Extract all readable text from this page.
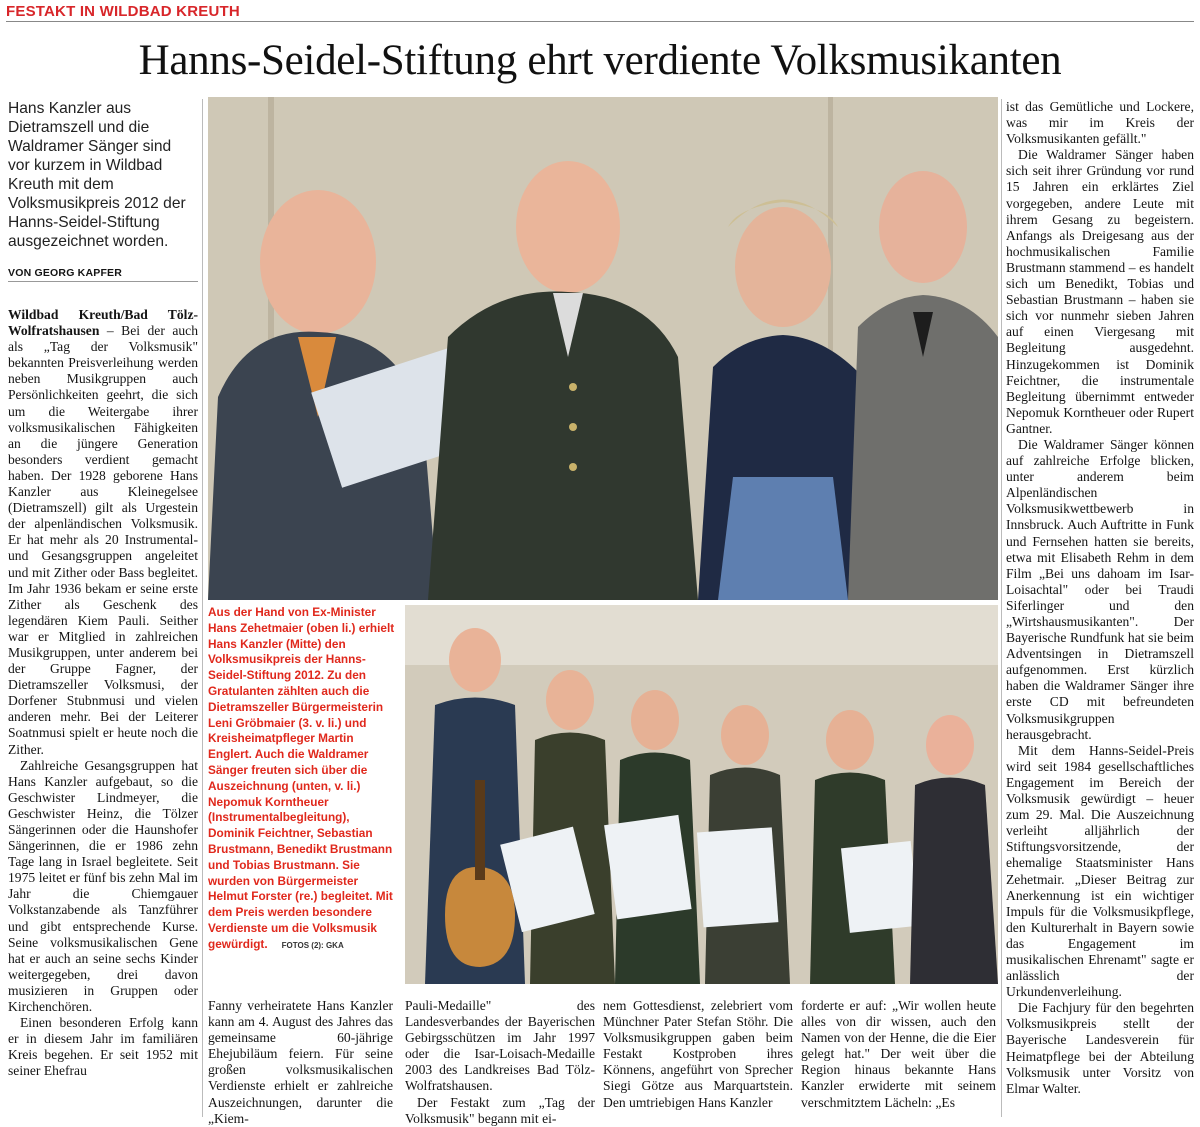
FESTAKT IN WILDBAD KREUTH
Hanns-Seidel-Stiftung ehrt verdiente Volksmusikanten
Hans Kanzler aus Dietramszell und die Waldramer Sänger sind vor kurzem in Wildbad Kreuth mit dem Volksmusikpreis 2012 der Hanns-Seidel-Stiftung ausgezeichnet worden.
VON GEORG KAPFER

Wildbad Kreuth/Bad Tölz-Wolfratshausen – Bei der auch als „Tag der Volksmusik" bekannten Preisverleihung werden neben Musikgruppen auch Persönlichkeiten geehrt, die sich um die Weitergabe ihrer volksmusikalischen Fähigkeiten an die jüngere Generation besonders verdient gemacht haben. Der 1928 geborene Hans Kanzler aus Kleinegelsee (Dietramszell) gilt als Urgestein der alpenländischen Volksmusik. Er hat mehr als 20 Instrumental- und Gesangsgruppen angeleitet und mit Zither oder Bass begleitet. Im Jahr 1936 bekam er seine erste Zither als Geschenk des legendären Kiem Pauli. Seither war er Mitglied in zahlreichen Musikgruppen, unter anderem bei der Gruppe Fagner, der Dietramszeller Volksmusi, der Dorfener Stubnmusi und vielen anderen mehr. Bei der Leiterer Soatnmusi spielt er heute noch die Zither.

Zahlreiche Gesangsgruppen hat Hans Kanzler aufgebaut, so die Geschwister Lindmeyer, die Geschwister Heinz, die Tölzer Sängerinnen oder die Haunshofer Sängerinnen, die er 1986 zehn Tage lang in Israel begleitete. Seit 1975 leitet er fünf bis zehn Mal im Jahr die Chiemgauer Volkstanzabende als Tanzführer und gibt entsprechende Kurse. Seine volksmusikalischen Gene hat er auch an seine sechs Kinder weitergegeben, drei davon musizieren in Gruppen oder Kirchenchören.

Einen besonderen Erfolg kann er in diesem Jahr im familiären Kreis begehen. Er seit 1952 mit seiner Ehefrau

Aus der Hand von Ex-Minister Hans Zehetmaier (oben li.) erhielt Hans Kanzler (Mitte) den Volksmusikpreis der Hanns-Seidel-Stiftung 2012. Zu den Gratulanten zählten auch die Dietramszeller Bürgermeisterin Leni Gröbmaier (3. v. li.) und Kreisheimatpfleger Martin Englert. Auch die Waldramer Sänger freuten sich über die Auszeichnung (unten, v. li.) Nepomuk Korntheuer (Instrumentalbegleitung), Dominik Feichtner, Sebastian Brustmann, Benedikt Brustmann und Tobias Brustmann. Sie wurden von Bürgermeister Helmut Forster (re.) begleitet. Mit dem Preis werden besondere Verdienste um die Volksmusik gewürdigt. FOTOS (2): GKA

Fanny verheiratete Hans Kanzler kann am 4. August des Jahres das gemeinsame 60-jährige Ehejubiläum feiern. Für seine großen volksmusikalischen Verdienste erhielt er zahlreiche Auszeichnungen, darunter die „Kiem-

Pauli-Medaille" des Landesverbandes der Bayerischen Gebirgsschützen im Jahr 1997 oder die Isar-Loisach-Medaille 2003 des Landkreises Bad Tölz-Wolfratshausen.

Der Festakt zum „Tag der Volksmusik" begann mit ei-

nem Gottesdienst, zelebriert vom Münchner Pater Stefan Stöhr. Die Volksmusikgruppen gaben beim Festakt Kostproben ihres Könnens, angeführt von Sprecher Siegi Götze aus Marquartstein. Den umtriebigen Hans Kanzler

forderte er auf: „Wir wollen heute alles von dir wissen, auch den Namen von der Henne, die die Eier gelegt hat." Der weit über die Region hinaus bekannte Hans Kanzler erwiderte mit seinem verschmitztem Lächeln: „Es

ist das Gemütliche und Lockere, was mir im Kreis der Volksmusikanten gefällt."

Die Waldramer Sänger haben sich seit ihrer Gründung vor rund 15 Jahren ein erklärtes Ziel vorgegeben, andere Leute mit ihrem Gesang zu begeistern. Anfangs als Dreigesang aus der hochmusikalischen Familie Brustmann stammend – es handelt sich um Benedikt, Tobias und Sebastian Brustmann – haben sie sich vor nunmehr sieben Jahren auf einen Viergesang mit Begleitung ausgedehnt. Hinzugekommen ist Dominik Feichtner, die instrumentale Begleitung übernimmt entweder Nepomuk Korntheuer oder Rupert Gantner.

Die Waldramer Sänger können auf zahlreiche Erfolge blicken, unter anderem beim Alpenländischen Volksmusikwettbewerb in Innsbruck. Auch Auftritte in Funk und Fernsehen hatten sie bereits, etwa mit Elisabeth Rehm in dem Film „Bei uns dahoam im Isar-Loisachtal" oder bei Traudi Siferlinger und den „Wirtshausmusikanten". Der Bayerische Rundfunk hat sie beim Adventsingen in Dietramszell aufgenommen. Erst kürzlich haben die Waldramer Sänger ihre erste CD mit befreundeten Volksmusikgruppen herausgebracht.

Mit dem Hanns-Seidel-Preis wird seit 1984 gesellschaftliches Engagement im Bereich der Volksmusik gewürdigt – heuer zum 29. Mal. Die Auszeichnung verleiht alljährlich der Stiftungsvorsitzende, der ehemalige Staatsminister Hans Zehetmair. „Dieser Beitrag zur Anerkennung ist ein wichtiger Impuls für die Volksmusikpflege, den Kulturerhalt in Bayern sowie das Engagement im musikalischen Ehrenamt" sagte er anlässlich der Urkundenverleihung.

Die Fachjury für den begehrten Volksmusikpreis stellt der Bayerische Landesverein für Heimatpflege bei der Abteilung Volksmusik unter Vorsitz von Elmar Walter.
